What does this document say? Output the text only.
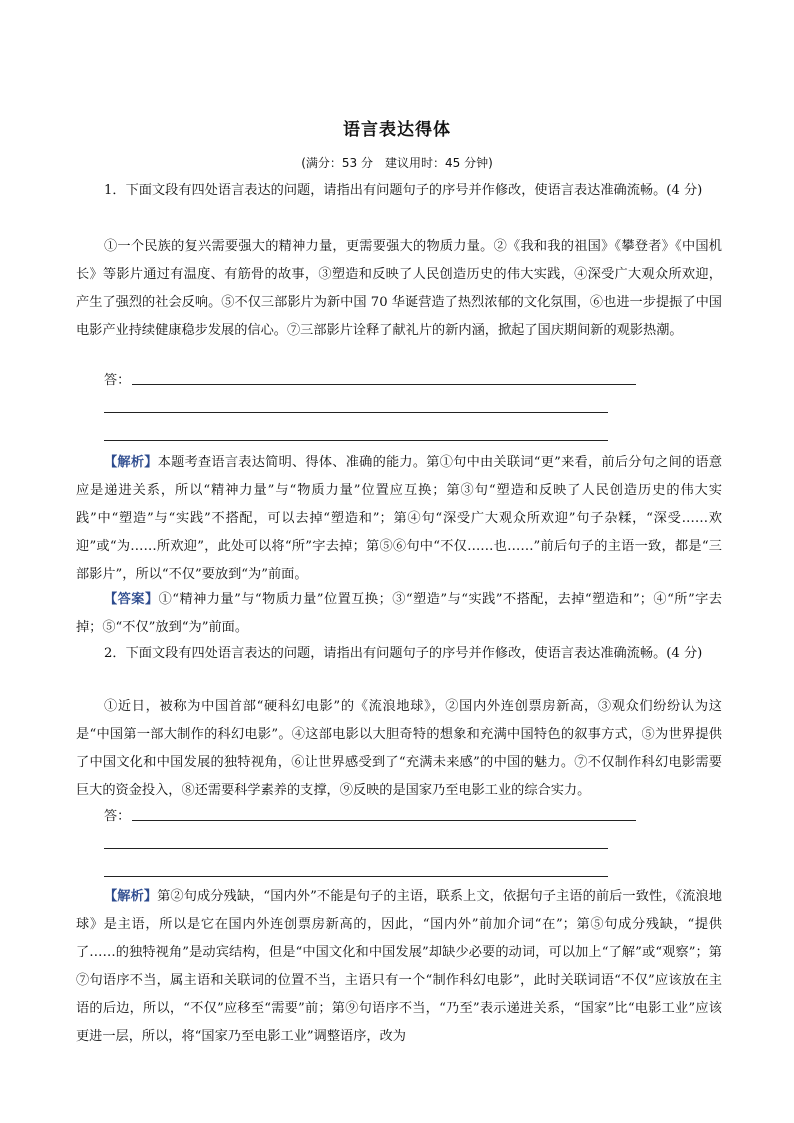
语言表达得体
(满分：53 分　建议用时：45 分钟)
1．下面文段有四处语言表达的问题，请指出有问题句子的序号并作修改，使语言表达准确流畅。(4 分)
①一个民族的复兴需要强大的精神力量，更需要强大的物质力量。②《我和我的祖国》《攀登者》《中国机长》等影片通过有温度、有筋骨的故事，③塑造和反映了人民创造历史的伟大实践，④深受广大观众所欢迎，产生了强烈的社会反响。⑤不仅三部影片为新中国 70 华诞营造了热烈浓郁的文化氛围，⑥也进一步提振了中国电影产业持续健康稳步发展的信心。⑦三部影片诠释了献礼片的新内涵，掀起了国庆期间新的观影热潮。
答：
【解析】本题考查语言表达简明、得体、准确的能力。第①句中由关联词“更”来看，前后分句之间的语意应是递进关系，所以“精神力量”与“物质力量”位置应互换；第③句“塑造和反映了人民创造历史的伟大实践”中“塑造”与“实践”不搭配，可以去掉“塑造和”；第④句“深受广大观众所欢迎”句子杂糅，“深受……欢迎”或“为……所欢迎”，此处可以将“所”字去掉；第⑤⑥句中“不仅……也……”前后句子的主语一致，都是“三部影片”，所以“不仅”要放到“为”前面。
【答案】①“精神力量”与“物质力量”位置互换；③“塑造”与“实践”不搭配，去掉“塑造和”；④“所”字去掉；⑤“不仅”放到“为”前面。
2．下面文段有四处语言表达的问题，请指出有问题句子的序号并作修改，使语言表达准确流畅。(4 分)
①近日，被称为中国首部“硬科幻电影”的《流浪地球》，②国内外连创票房新高，③观众们纷纷认为这是“中国第一部大制作的科幻电影”。④这部电影以大胆奇特的想象和充满中国特色的叙事方式，⑤为世界提供了中国文化和中国发展的独特视角，⑥让世界感受到了“充满未来感”的中国的魅力。⑦不仅制作科幻电影需要巨大的资金投入，⑧还需要科学素养的支撑，⑨反映的是国家乃至电影工业的综合实力。
答：
【解析】第②句成分残缺，“国内外”不能是句子的主语，联系上文，依据句子主语的前后一致性，《流浪地球》是主语，所以是它在国内外连创票房新高的，因此，“国内外”前加介词“在”；第⑤句成分残缺，“提供了……的独特视角”是动宾结构，但是“中国文化和中国发展”却缺少必要的动词，可以加上“了解”或“观察”；第⑦句语序不当，属主语和关联词的位置不当，主语只有一个“制作科幻电影”，此时关联词语“不仅”应该放在主语的后边，所以，“不仅”应移至“需要”前；第⑨句语序不当，“乃至”表示递进关系，“国家”比“电影工业”应该更进一层，所以，将“国家乃至电影工业”调整语序，改为
